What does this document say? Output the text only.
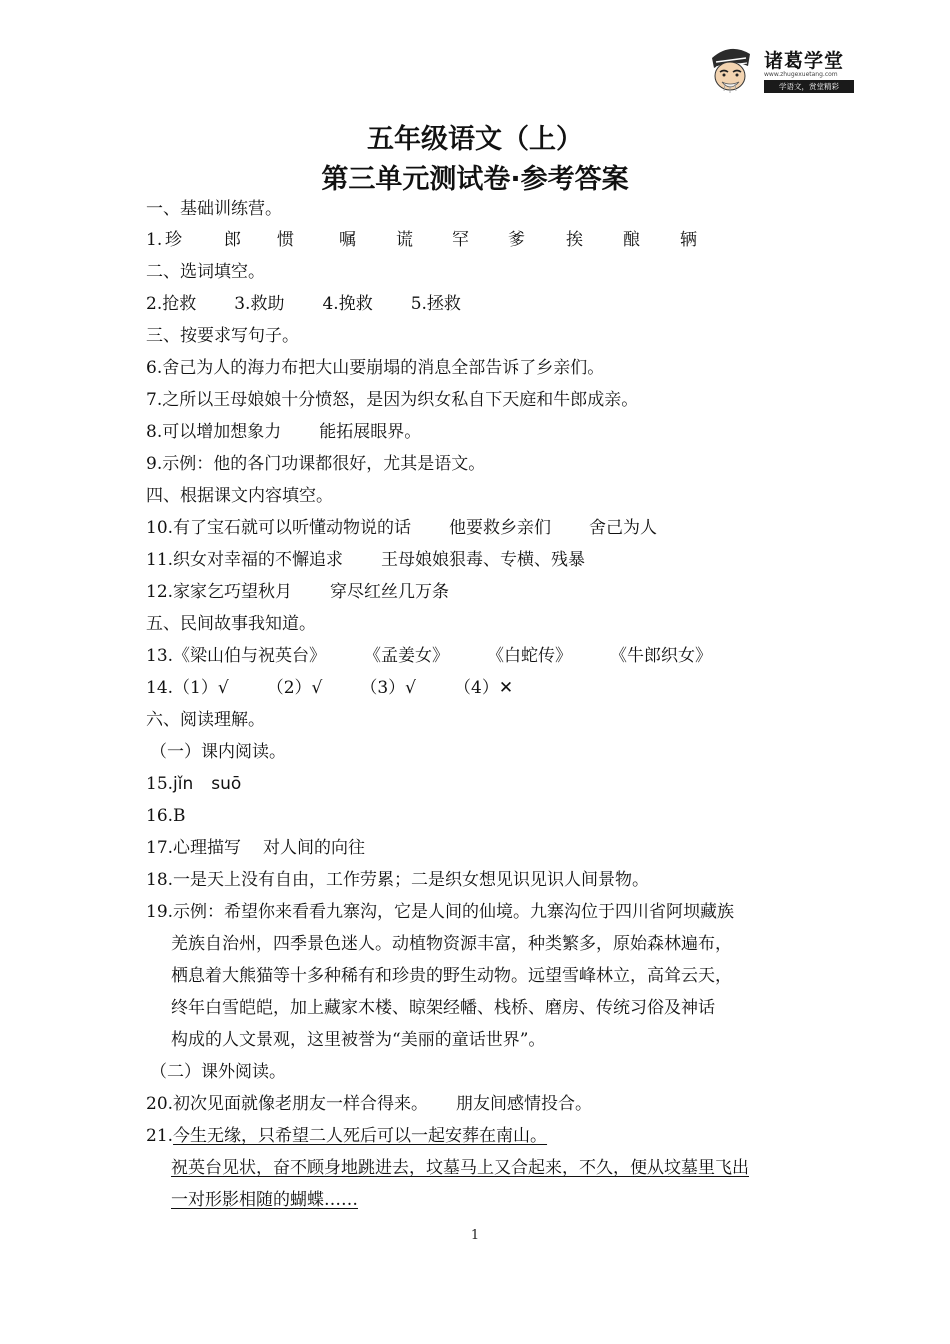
诸葛学堂
www.zhugexuetang.com
学语文，赏堂精彩
五年级语文（上）
第三单元测试卷·参考答案
一、基础训练营。
1. 珍 郎 惯	嘱 谎 罕 爹 挨 酿 辆
二、选词填空。
2.抢救 3.救助 4.挽救 5.拯救
三、按要求写句子。
6.舍己为人的海力布把大山要崩塌的消息全部告诉了乡亲们。
7.之所以王母娘娘十分愤怒，是因为织女私自下天庭和牛郎成亲。
8.可以增加想象力 能拓展眼界。
9.示例：他的各门功课都很好，尤其是语文。
四、根据课文内容填空。
10.有了宝石就可以听懂动物说的话 他要救乡亲们 舍己为人
11.织女对幸福的不懈追求 王母娘娘狠毒、专横、残暴
12.家家乞巧望秋月 穿尽红丝几万条
五、民间故事我知道。
13.《梁山伯与祝英台》 《孟姜女》 《白蛇传》 《牛郎织女》
14.（1）√ （2）√ （3）√ （4）✕
六、阅读理解。
（一）课内阅读。
15.jǐn suō
16.B
17.心理描写 对人间的向往
18.一是天上没有自由，工作劳累；二是织女想见识见识人间景物。
19.示例：希望你来看看九寨沟，它是人间的仙境。九寨沟位于四川省阿坝藏族
羌族自治州，四季景色迷人。动植物资源丰富，种类繁多，原始森林遍布，
栖息着大熊猫等十多种稀有和珍贵的野生动物。远望雪峰林立，高耸云天，
终年白雪皑皑，加上藏家木楼、晾架经幡、栈桥、磨房、传统习俗及神话
构成的人文景观，这里被誉为“美丽的童话世界”。
（二）课外阅读。
20.初次见面就像老朋友一样合得来。 朋友间感情投合。
21.今生无缘，只希望二人死后可以一起安葬在南山。
祝英台见状，奋不顾身地跳进去，坟墓马上又合起来，不久，便从坟墓里飞出
一对形影相随的蝴蝶……
1
